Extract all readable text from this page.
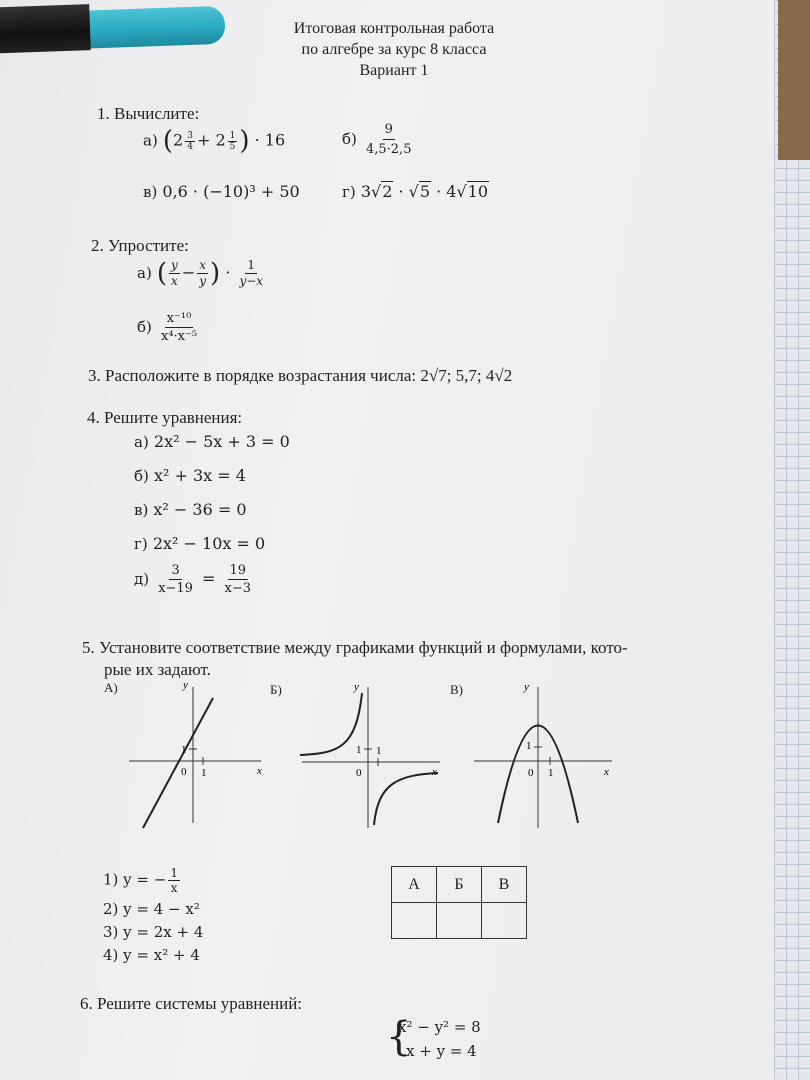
Итоговая контрольная работа
по алгебре за курс 8 класса
Вариант 1
1. Вычислите:
а) ($2 \frac{3}{4} + 2 \frac{1}{5}$ ) · 16	$б) \frac{9}{4,5\cdot 2,5}$
в) 0,6 · (−10)³ + 50	г) 3√2 · √5 · 4√10
2. Упростите:
а) ( $\frac{y}{x} - \frac{x}{y}$ ) · $\frac{1}{y-x}$
$б) \frac{\text{x⁻¹⁰}}{\text{x⁴·x⁻⁵}}$
3. Расположите в порядке возрастания числа: 2√7; 5,7; 4√2
4. Решите уравнения:
а) 2x² − 5x + 3 = 0
б) x² + 3x = 4
в) x² − 36 = 0
г) 2x² − 10x = 0
$д) \frac{3}{x-19} = \frac{19}{x-3}$
5. Установите соответствие между графиками функций и формулами, кото-
рые их задают.
А)	Б)	В)
y
x
1
1
0
y
x
1 1
0
y
x
1
1
0
1) y = − $\frac{1}{x}$
2) y = 4 − x²
3) y = 2x + 4
4) y = x² + 4
А	Б	В

6. Решите системы уравнений:
{
x² − y² = 8
x + y = 4
